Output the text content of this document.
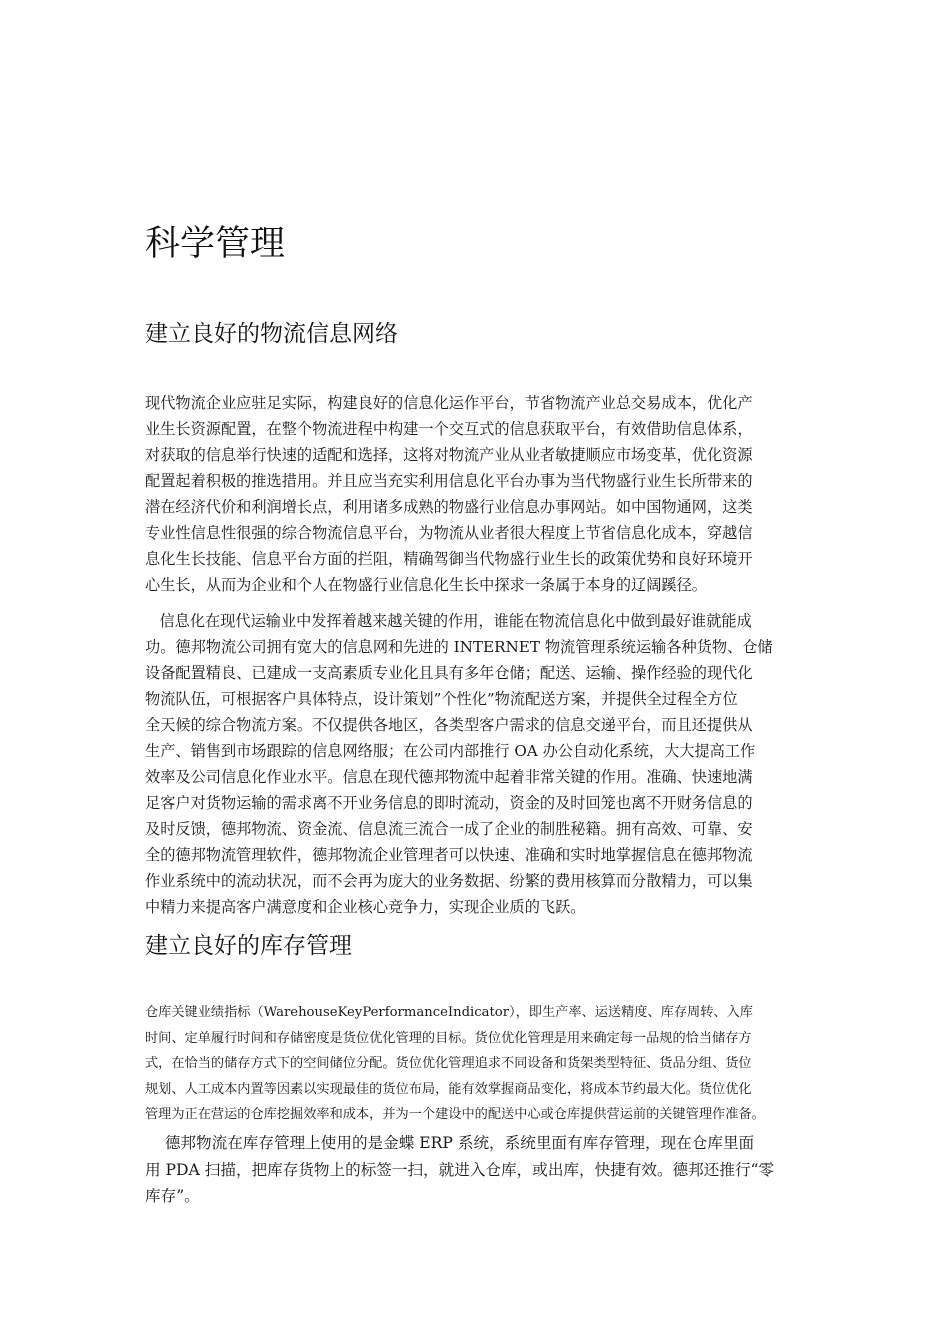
科学管理
建立良好的物流信息网络

现代物流企业应驻足实际，构建良好的信息化运作平台，节省物流产业总交易成本，优化产
业生长资源配置，在整个物流进程中构建一个交互式的信息获取平台，有效借助信息体系，
对获取的信息举行快速的适配和选择，这将对物流产业从业者敏捷顺应市场变革，优化资源
配置起着积极的推选措用。并且应当充实利用信息化平台办事为当代物盛行业生长所带来的
潜在经济代价和利润增长点，利用诸多成熟的物盛行业信息办事网站。如中国物通网，这类
专业性信息性很强的综合物流信息平台，为物流从业者很大程度上节省信息化成本，穿越信
息化生长技能、信息平台方面的拦阻，精确驾御当代物盛行业生长的政策优势和良好环境开
心生长，从而为企业和个人在物盛行业信息化生长中探求一条属于本身的辽阔蹊径。

信息化在现代运输业中发挥着越来越关键的作用，谁能在物流信息化中做到最好谁就能成
功。德邦物流公司拥有宽大的信息网和先进的 INTERNET 物流管理系统运输各种货物、仓储
设备配置精良、已建成一支高素质专业化且具有多年仓储；配送、运输、操作经验的现代化
物流队伍，可根据客户具体特点，设计策划”个性化”物流配送方案，并提供全过程全方位
全天候的综合物流方案。不仅提供各地区，各类型客户需求的信息交递平台，而且还提供从
生产、销售到市场跟踪的信息网络服；在公司内部推行 OA 办公自动化系统，大大提高工作
效率及公司信息化作业水平。信息在现代德邦物流中起着非常关键的作用。准确、快速地满
足客户对货物运输的需求离不开业务信息的即时流动，资金的及时回笼也离不开财务信息的
及时反馈，德邦物流、资金流、信息流三流合一成了企业的制胜秘籍。拥有高效、可靠、安
全的德邦物流管理软件，德邦物流企业管理者可以快速、准确和实时地掌握信息在德邦物流
作业系统中的流动状况，而不会再为庞大的业务数据、纷繁的费用核算而分散精力，可以集
中精力来提高客户满意度和企业核心竞争力，实现企业质的飞跃。

建立良好的库存管理

仓库关键业绩指标（WarehouseKeyPerformanceIndicator），即生产率、运送精度、库存周转、入库
时间、定单履行时间和存储密度是货位优化管理的目标。货位优化管理是用来确定每一品规的恰当储存方
式，在恰当的储存方式下的空间储位分配。货位优化管理追求不同设备和货架类型特征、货品分组、货位
规划、人工成本内置等因素以实现最佳的货位布局，能有效掌握商品变化，将成本节约最大化。货位优化
管理为正在营运的仓库挖掘效率和成本，并为一个建设中的配送中心或仓库提供营运前的关键管理作准备。

德邦物流在库存管理上使用的是金蝶 ERP 系统，系统里面有库存管理，现在仓库里面
用 PDA 扫描，把库存货物上的标签一扫，就进入仓库，或出库，快捷有效。德邦还推行“零
库存”。
